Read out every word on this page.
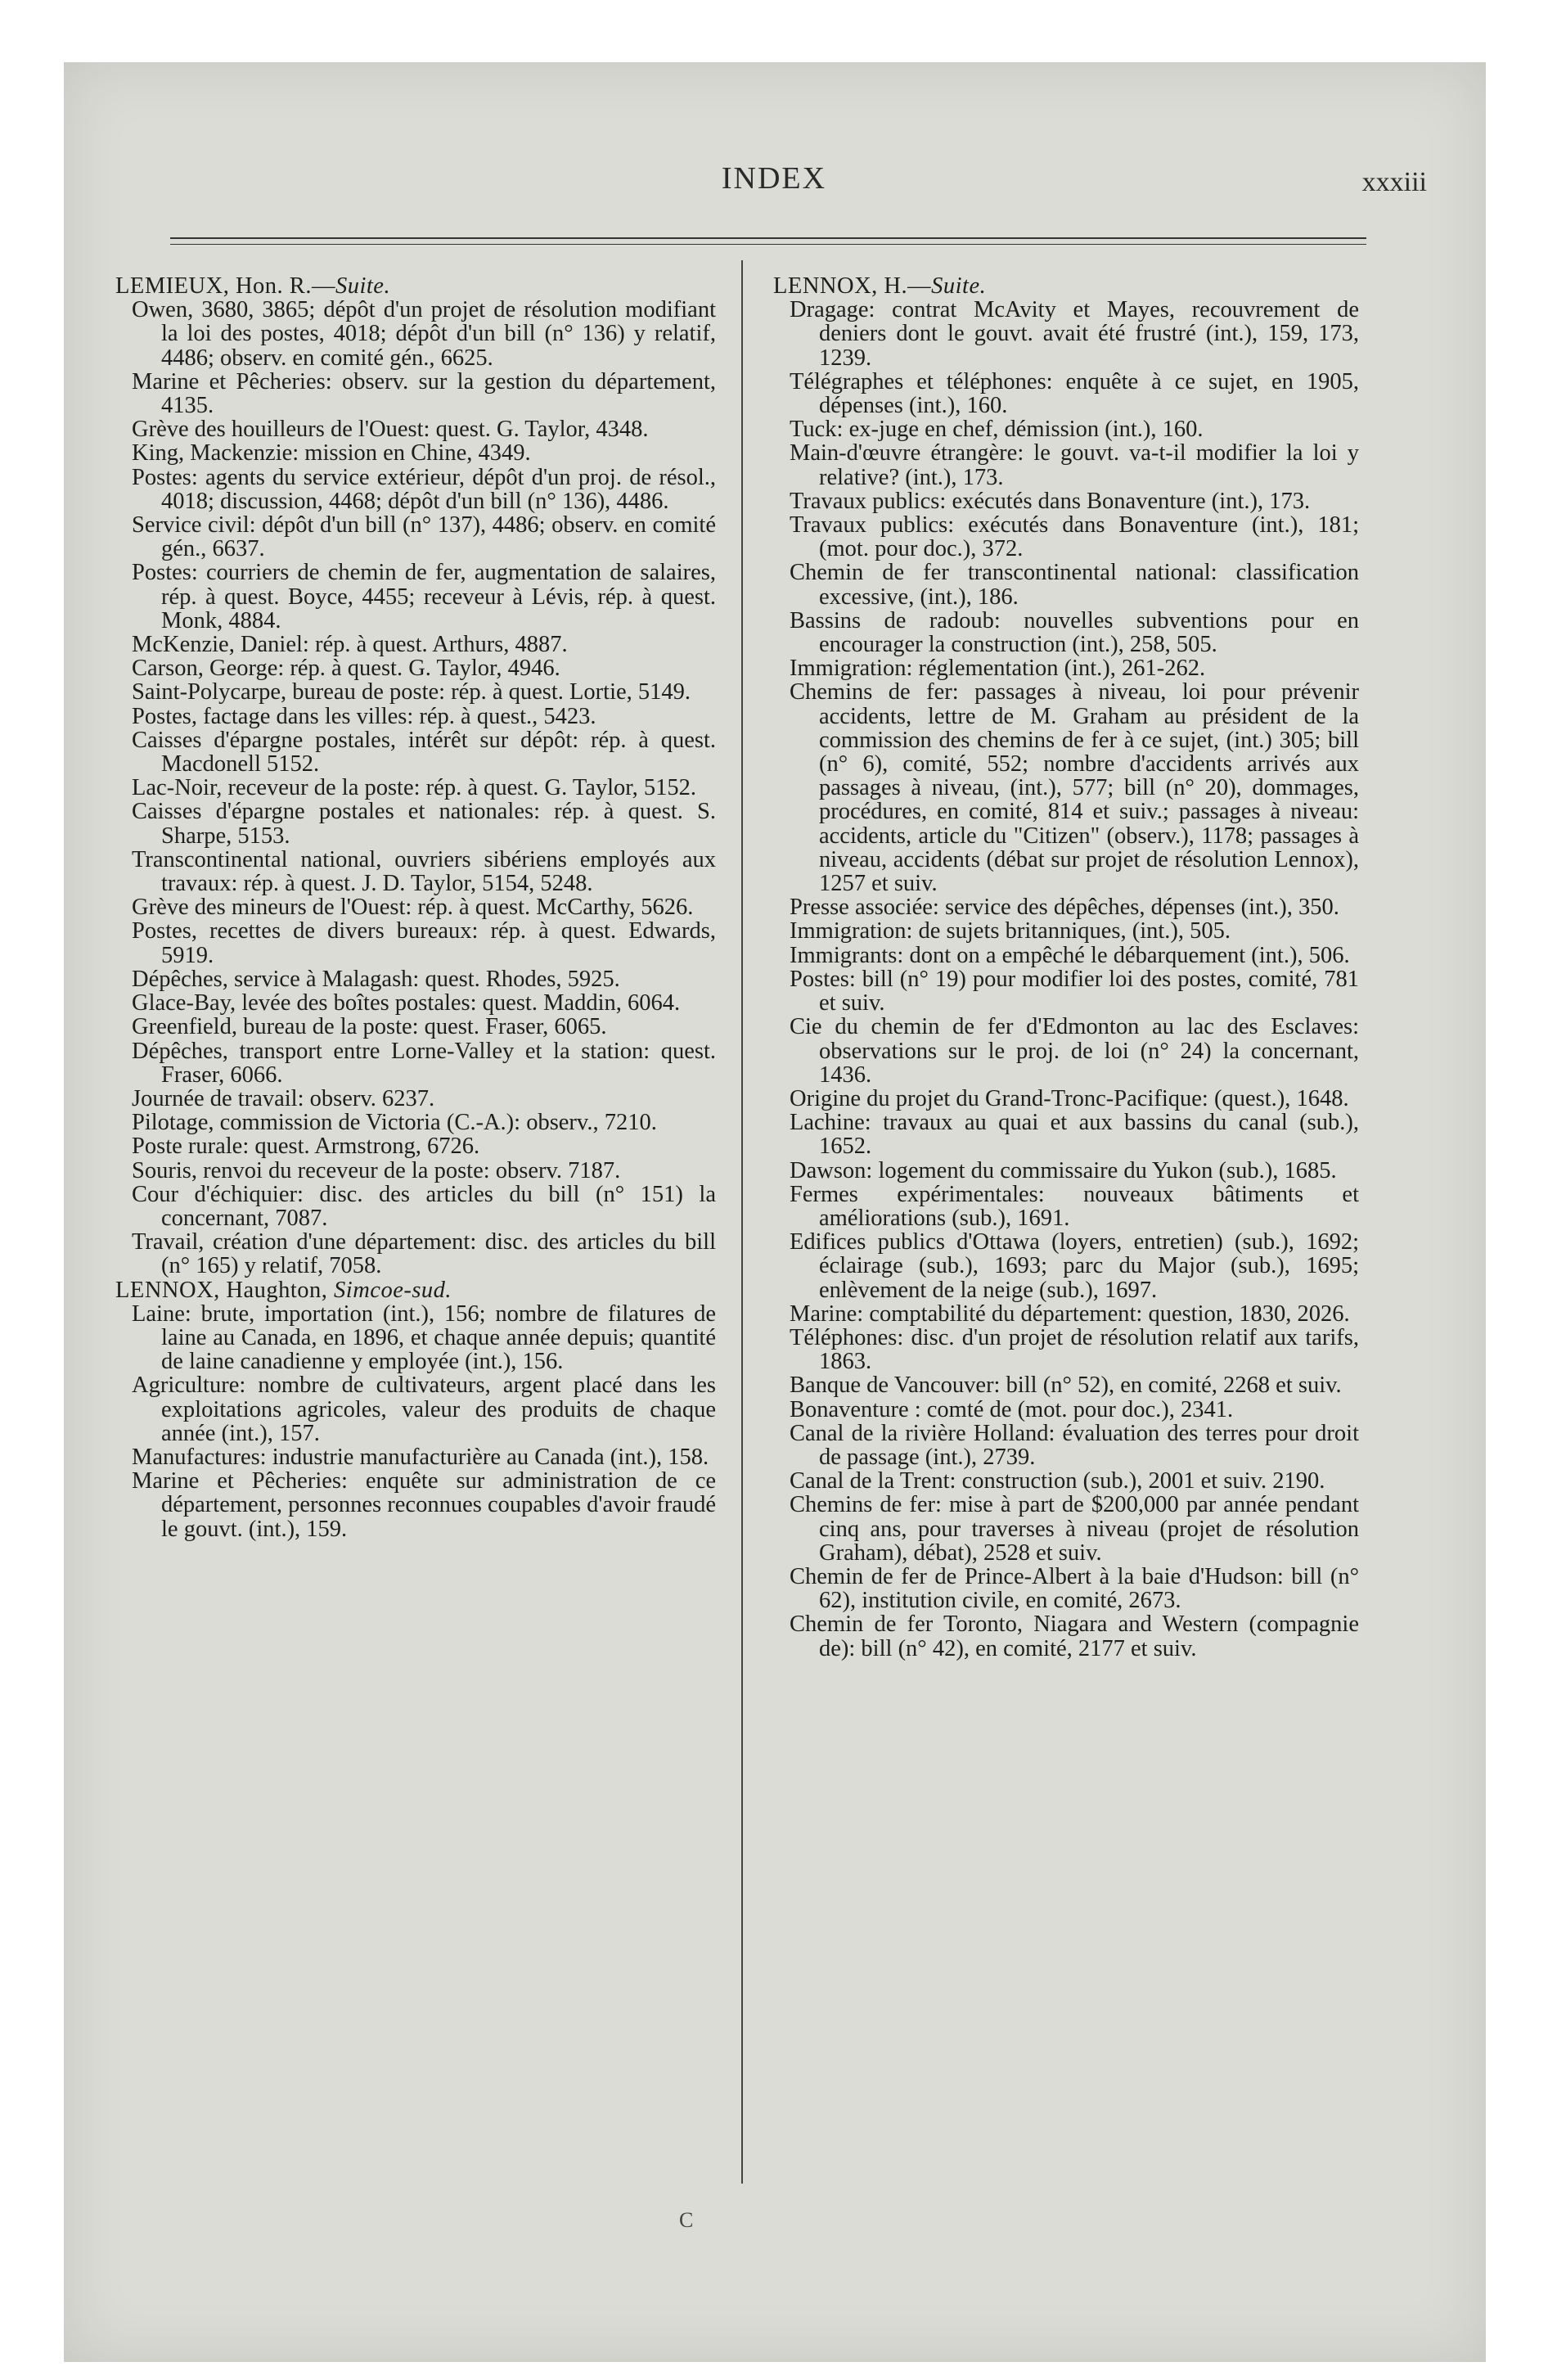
INDEX	xxxiii

LEMIEUX, Hon. R.—Suite.

Owen, 3680, 3865; dépôt d'un projet de résolution modifiant la loi des postes, 4018; dépôt d'un bill (n° 136) y relatif, 4486; observ. en comité gén., 6625.

Marine et Pêcheries: observ. sur la gestion du département, 4135.

Grève des houilleurs de l'Ouest: quest. G. Taylor, 4348.

King, Mackenzie: mission en Chine, 4349.

Postes: agents du service extérieur, dépôt d'un proj. de résol., 4018; discussion, 4468; dépôt d'un bill (n° 136), 4486.

Service civil: dépôt d'un bill (n° 137), 4486; observ. en comité gén., 6637.

Postes: courriers de chemin de fer, augmentation de salaires, rép. à quest. Boyce, 4455; receveur à Lévis, rép. à quest. Monk, 4884.

McKenzie, Daniel: rép. à quest. Arthurs, 4887.

Carson, George: rép. à quest. G. Taylor, 4946.

Saint-Polycarpe, bureau de poste: rép. à quest. Lortie, 5149.

Postes, factage dans les villes: rép. à quest., 5423.

Caisses d'épargne postales, intérêt sur dépôt: rép. à quest. Macdonell 5152.

Lac-Noir, receveur de la poste: rép. à quest. G. Taylor, 5152.

Caisses d'épargne postales et nationales: rép. à quest. S. Sharpe, 5153.

Transcontinental national, ouvriers sibériens employés aux travaux: rép. à quest. J. D. Taylor, 5154, 5248.

Grève des mineurs de l'Ouest: rép. à quest. McCarthy, 5626.

Postes, recettes de divers bureaux: rép. à quest. Edwards, 5919.

Dépêches, service à Malagash: quest. Rhodes, 5925.

Glace-Bay, levée des boîtes postales: quest. Maddin, 6064.

Greenfield, bureau de la poste: quest. Fraser, 6065.

Dépêches, transport entre Lorne-Valley et la station: quest. Fraser, 6066.

Journée de travail: observ. 6237.

Pilotage, commission de Victoria (C.-A.): observ., 7210.

Poste rurale: quest. Armstrong, 6726.

Souris, renvoi du receveur de la poste: observ. 7187.

Cour d'échiquier: disc. des articles du bill (n° 151) la concernant, 7087.

Travail, création d'une département: disc. des articles du bill (n° 165) y relatif, 7058.

LENNOX, Haughton, Simcoe-sud.

Laine: brute, importation (int.), 156; nombre de filatures de laine au Canada, en 1896, et chaque année depuis; quantité de laine canadienne y employée (int.), 156.

Agriculture: nombre de cultivateurs, argent placé dans les exploitations agricoles, valeur des produits de chaque année (int.), 157.

Manufactures: industrie manufacturière au Canada (int.), 158.

Marine et Pêcheries: enquête sur administration de ce département, personnes reconnues coupables d'avoir fraudé le gouvt. (int.), 159.

LENNOX, H.—Suite.

Dragage: contrat McAvity et Mayes, recouvrement de deniers dont le gouvt. avait été frustré (int.), 159, 173, 1239.

Télégraphes et téléphones: enquête à ce sujet, en 1905, dépenses (int.), 160.

Tuck: ex-juge en chef, démission (int.), 160.

Main-d'œuvre étrangère: le gouvt. va-t-il modifier la loi y relative? (int.), 173.

Travaux publics: exécutés dans Bonaventure (int.), 173.

Travaux publics: exécutés dans Bonaventure (int.), 181; (mot. pour doc.), 372.

Chemin de fer transcontinental national: classification excessive, (int.), 186.

Bassins de radoub: nouvelles subventions pour en encourager la construction (int.), 258, 505.

Immigration: réglementation (int.), 261-262.

Chemins de fer: passages à niveau, loi pour prévenir accidents, lettre de M. Graham au président de la commission des chemins de fer à ce sujet, (int.) 305; bill (n° 6), comité, 552; nombre d'accidents arrivés aux passages à niveau, (int.), 577; bill (n° 20), dommages, procédures, en comité, 814 et suiv.; passages à niveau: accidents, article du "Citizen" (observ.), 1178; passages à niveau, accidents (débat sur projet de résolution Lennox), 1257 et suiv.

Presse associée: service des dépêches, dépenses (int.), 350.

Immigration: de sujets britanniques, (int.), 505.

Immigrants: dont on a empêché le débarquement (int.), 506.

Postes: bill (n° 19) pour modifier loi des postes, comité, 781 et suiv.

Cie du chemin de fer d'Edmonton au lac des Esclaves: observations sur le proj. de loi (n° 24) la concernant, 1436.

Origine du projet du Grand-Tronc-Pacifique: (quest.), 1648.

Lachine: travaux au quai et aux bassins du canal (sub.), 1652.

Dawson: logement du commissaire du Yukon (sub.), 1685.

Fermes expérimentales: nouveaux bâtiments et améliorations (sub.), 1691.

Edifices publics d'Ottawa (loyers, entretien) (sub.), 1692; éclairage (sub.), 1693; parc du Major (sub.), 1695; enlèvement de la neige (sub.), 1697.

Marine: comptabilité du département: question, 1830, 2026.

Téléphones: disc. d'un projet de résolution relatif aux tarifs, 1863.

Banque de Vancouver: bill (n° 52), en comité, 2268 et suiv.

Bonaventure : comté de (mot. pour doc.), 2341.

Canal de la rivière Holland: évaluation des terres pour droit de passage (int.), 2739.

Canal de la Trent: construction (sub.), 2001 et suiv. 2190.

Chemins de fer: mise à part de $200,000 par année pendant cinq ans, pour traverses à niveau (projet de résolution Graham), débat), 2528 et suiv.

Chemin de fer de Prince-Albert à la baie d'Hudson: bill (n° 62), institution civile, en comité, 2673.

Chemin de fer Toronto, Niagara and Western (compagnie de): bill (n° 42), en comité, 2177 et suiv.

C
